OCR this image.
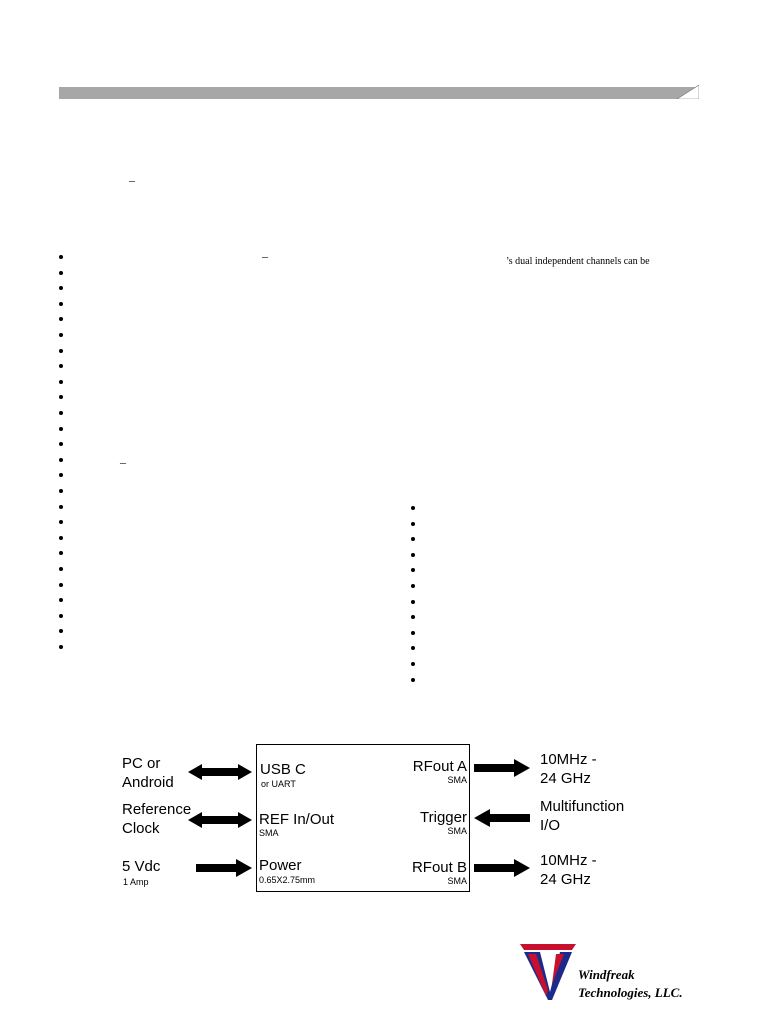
–
–
–
’s dual independent channels can be
PC or
Android
Reference
Clock
5 Vdc
1 Amp
USB C
or UART
REF In/Out
SMA
Power
0.65X2.75mm
RFout A
SMA
Trigger
SMA
RFout B
SMA
10MHz -
24 GHz
Multifunction
I/O
10MHz -
24 GHz
Windfreak
Technologies, LLC.
